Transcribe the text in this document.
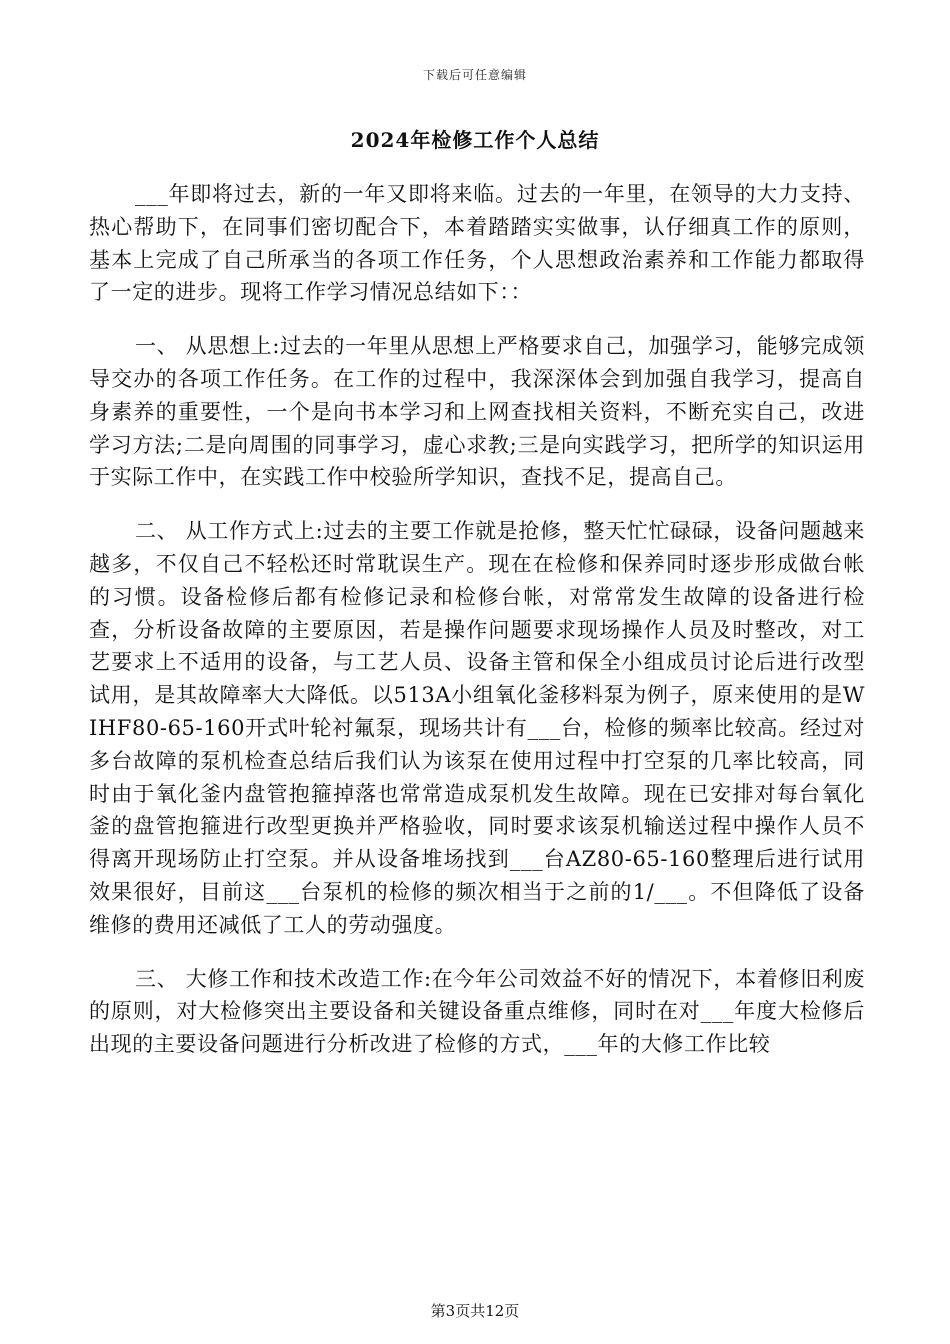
下载后可任意编辑
2024年检修工作个人总结

___年即将过去，新的一年又即将来临。过去的一年里，在领导的大力支持、热心帮助下，在同事们密切配合下，本着踏踏实实做事，认仔细真工作的原则，基本上完成了自己所承当的各项工作任务，个人思想政治素养和工作能力都取得了一定的进步。现将工作学习情况总结如下：：

一、 从思想上:过去的一年里从思想上严格要求自己，加强学习，能够完成领导交办的各项工作任务。在工作的过程中，我深深体会到加强自我学习，提高自身素养的重要性，一个是向书本学习和上网查找相关资料，不断充实自己，改进学习方法;二是向周围的同事学习，虚心求教;三是向实践学习，把所学的知识运用于实际工作中，在实践工作中校验所学知识，查找不足，提高自己。

二、 从工作方式上:过去的主要工作就是抢修，整天忙忙碌碌，设备问题越来越多，不仅自己不轻松还时常耽误生产。现在在检修和保养同时逐步形成做台帐的习惯。设备检修后都有检修记录和检修台帐，对常常发生故障的设备进行检查，分析设备故障的主要原因，若是操作问题要求现场操作人员及时整改，对工艺要求上不适用的设备，与工艺人员、设备主管和保全小组成员讨论后进行改型试用，是其故障率大大降低。以513A小组氧化釜移料泵为例子，原来使用的是WIHF80-65-160开式叶轮衬氟泵，现场共计有___台，检修的频率比较高。经过对多台故障的泵机检查总结后我们认为该泵在使用过程中打空泵的几率比较高，同时由于氧化釜内盘管抱箍掉落也常常造成泵机发生故障。现在已安排对每台氧化釜的盘管抱箍进行改型更换并严格验收，同时要求该泵机输送过程中操作人员不得离开现场防止打空泵。并从设备堆场找到___台AZ80-65-160整理后进行试用效果很好，目前这___台泵机的检修的频次相当于之前的1/___。不但降低了设备维修的费用还减低了工人的劳动强度。

三、 大修工作和技术改造工作:在今年公司效益不好的情况下，本着修旧利废的原则，对大检修突出主要设备和关键设备重点维修，同时在对___年度大检修后出现的主要设备问题进行分析改进了检修的方式，___年的大修工作比较

第3页共12页
